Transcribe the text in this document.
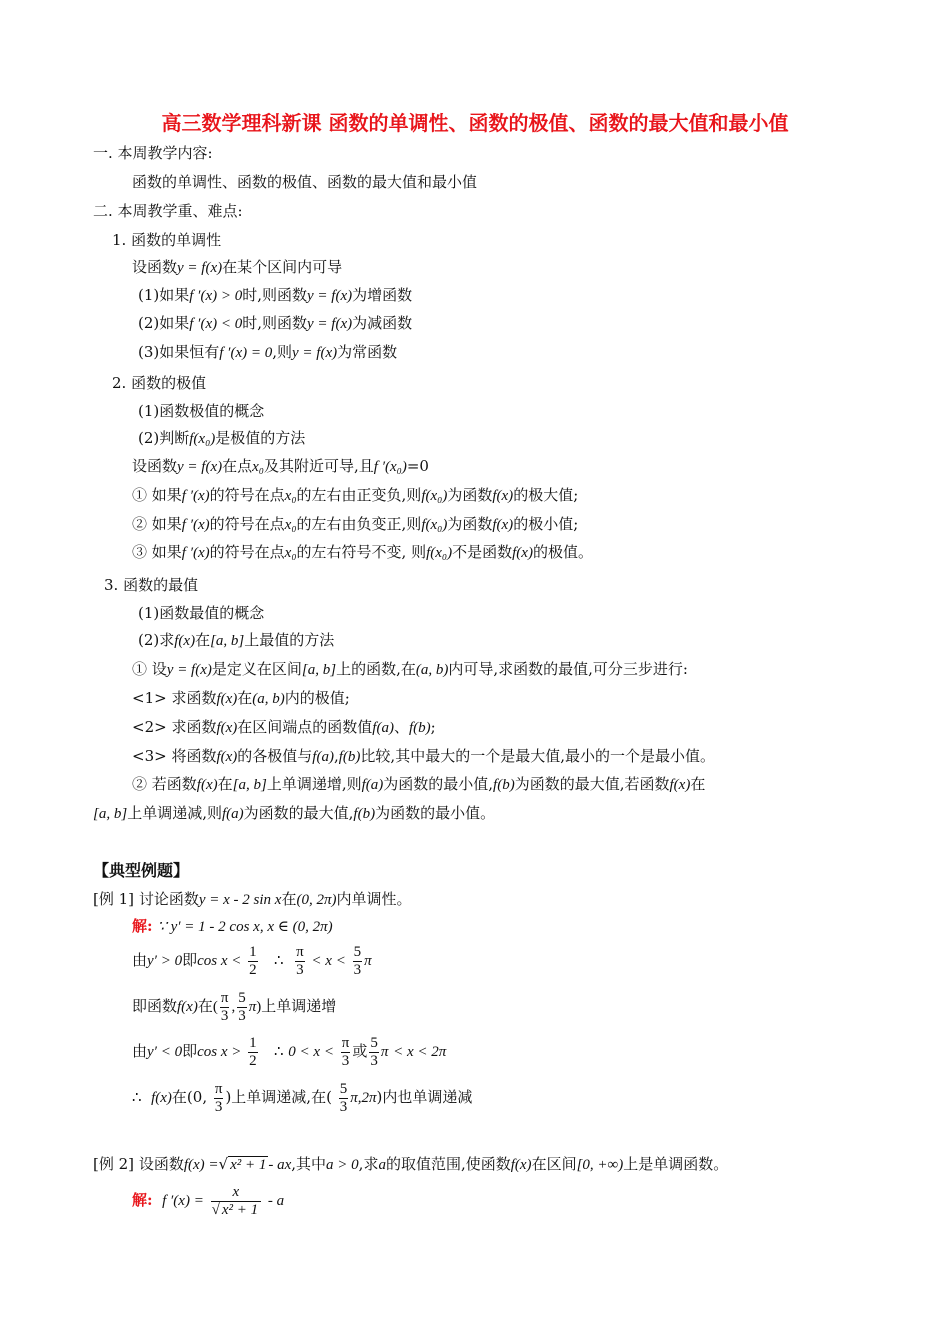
高三数学理科新课 函数的单调性、函数的极值、函数的最大值和最小值
一. 本周教学内容:
函数的单调性、函数的极值、函数的最大值和最小值
二. 本周教学重、难点:
1. 函数的单调性
设函数y = f(x)在某个区间内可导
(1)如果f ′(x) > 0时,则函数y = f(x)为增函数
(2)如果f ′(x) < 0时,则函数y = f(x)为减函数
(3)如果恒有f ′(x) = 0,则y = f(x)为常函数
2. 函数的极值
(1)函数极值的概念
(2)判断f(x₀)是极值的方法
设函数y = f(x)在点x₀及其附近可导,且f ′(x₀)=0
① 如果f ′(x)的符号在点x₀的左右由正变负,则f(x₀)为函数f(x)的极大值;
② 如果f ′(x)的符号在点x₀的左右由负变正,则f(x₀)为函数f(x)的极小值;
③ 如果f ′(x)的符号在点x₀的左右符号不变, 则f(x₀)不是函数f(x)的极值。
3. 函数的最值
(1)函数最值的概念
(2)求f(x)在[a, b]上最值的方法
① 设y = f(x)是定义在区间[a, b]上的函数,在(a, b)内可导,求函数的最值,可分三步进行:
<1> 求函数f(x)在(a, b)内的极值;
<2> 求函数f(x)在区间端点的函数值f(a)、f(b);
<3> 将函数f(x)的各极值与f(a),f(b)比较,其中最大的一个是最大值,最小的一个是最小值。
② 若函数f(x)在[a, b]上单调递增,则f(a)为函数的最小值,f(b)为函数的最大值,若函数f(x)在
[a, b]上单调递减,则f(a)为函数的最大值,f(b)为函数的最小值。
【典型例题】
[例 1] 讨论函数y = x - 2 sin x在(0, 2π)内单调性。
解: ∵ y′ = 1 - 2 cos x, x ∈ (0, 2π)
由y′ > 0即$\cos x < \frac{1}{2}$ ∴ $\frac{\pi}{3} < x < \frac{5}{3}$ π
即函数f(x)在( $\frac{\pi}{3}$ , $\frac{5}{3} \pi$)上单调递增
由y′ < 0即$\cos x > \frac{1}{2}$ ∴ $0 < x < \frac{\pi}{3}$ 或 $\frac{5}{3}$ π < x < 2π
∴ f(x)在(0, $\frac{\pi}{3}$ )上单调递减,在( $\frac{5}{3} \pi,2\pi$)内也单调递减
[例 2] 设函数f(x) =√ x² + 1 - ax,其中a > 0,求a的取值范围,使函数f(x)在区间[0, +∞)上是单调函数。
解: f $'(x) = \frac{x}{\text{√ x² + 1}} - a$
